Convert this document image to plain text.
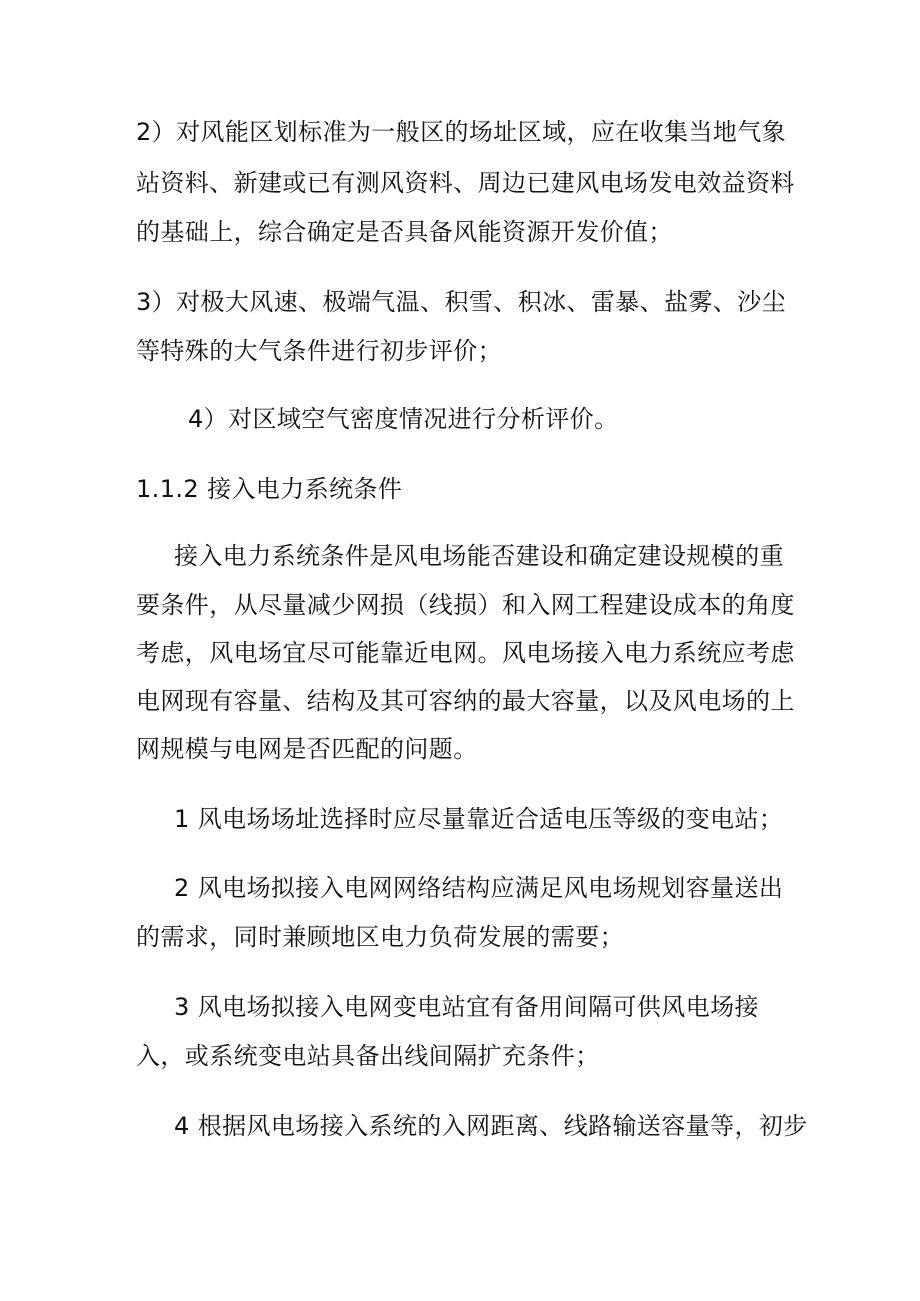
2）对风能区划标准为一般区的场址区域，应在收集当地气象
站资料、新建或已有测风资料、周边已建风电场发电效益资料
的基础上，综合确定是否具备风能资源开发价值；
3）对极大风速、极端气温、积雪、积冰、雷暴、盐雾、沙尘
等特殊的大气条件进行初步评价；
4）对区域空气密度情况进行分析评价。
1.1.2 接入电力系统条件
接入电力系统条件是风电场能否建设和确定建设规模的重
要条件，从尽量减少网损（线损）和入网工程建设成本的角度
考虑，风电场宜尽可能靠近电网。风电场接入电力系统应考虑
电网现有容量、结构及其可容纳的最大容量，以及风电场的上
网规模与电网是否匹配的问题。
1 风电场场址选择时应尽量靠近合适电压等级的变电站；
2 风电场拟接入电网网络结构应满足风电场规划容量送出
的需求，同时兼顾地区电力负荷发展的需要；
3 风电场拟接入电网变电站宜有备用间隔可供风电场接
入，或系统变电站具备出线间隔扩充条件；
4 根据风电场接入系统的入网距离、线路输送容量等，初步
